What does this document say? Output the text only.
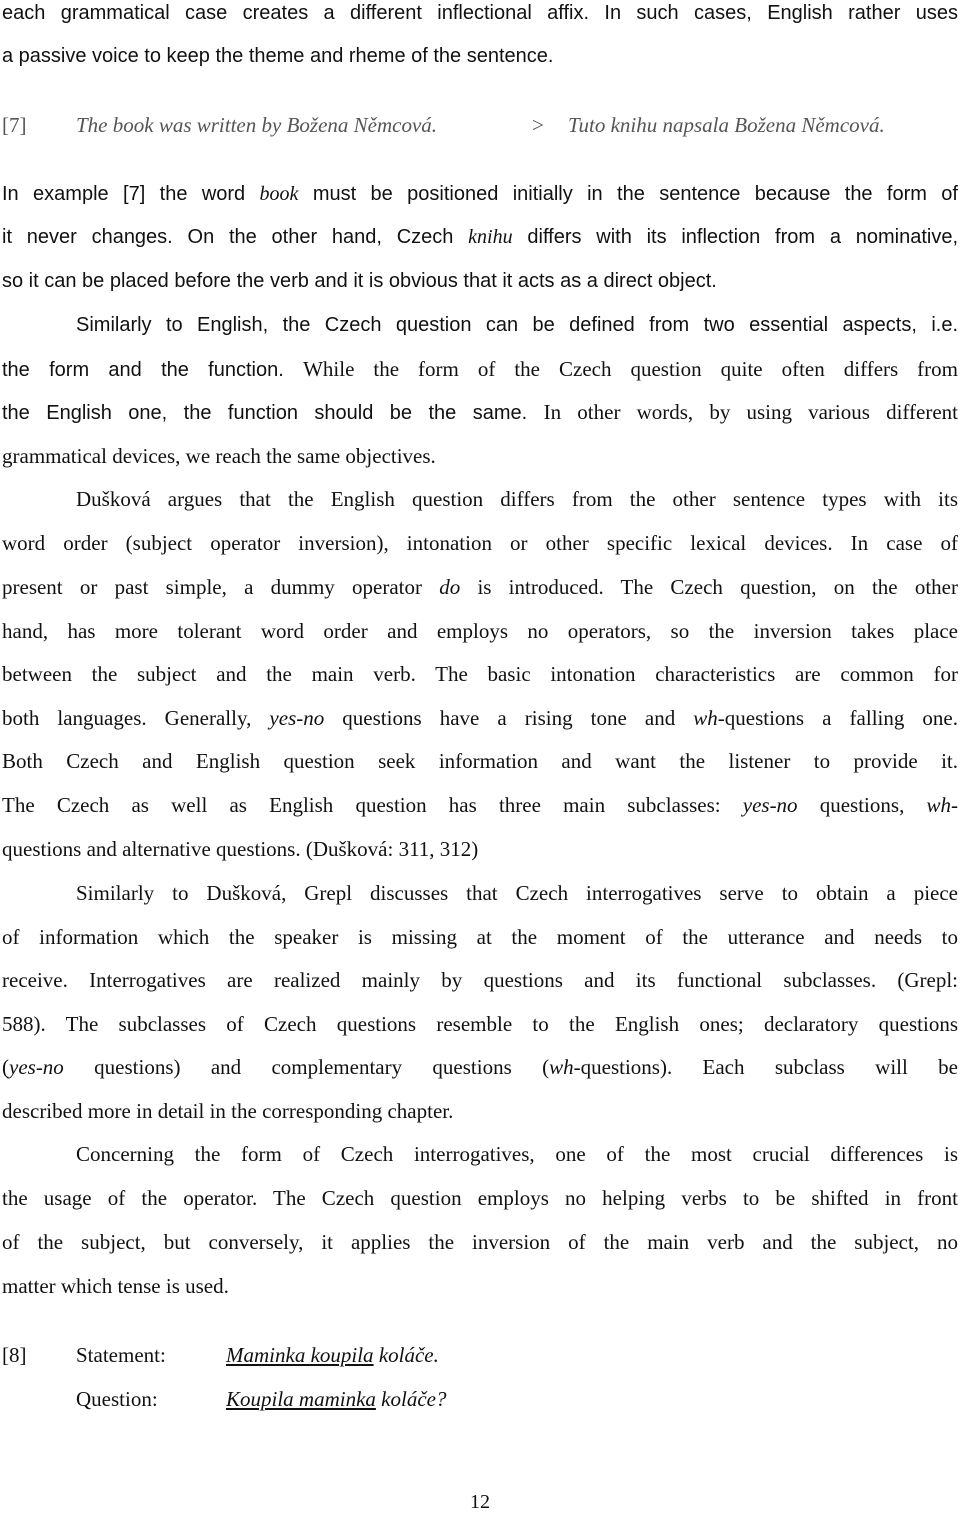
each grammatical case creates a different inflectional affix. In such cases, English rather uses
a passive voice to keep the theme and rheme of the sentence.
[7] The book was written by Božena Němcová.	> Tuto knihu napsala Božena Němcová.
In example [7] the word book must be positioned initially in the sentence because the form of
it never changes. On the other hand, Czech knihu differs with its inflection from a nominative,
so it can be placed before the verb and it is obvious that it acts as a direct object.
Similarly to English, the Czech question can be defined from two essential aspects, i.e.
the form and the function. While the form of the Czech question quite often differs from
the English one, the function should be the same. In other words, by using various different
grammatical devices, we reach the same objectives.
Dušková argues that the English question differs from the other sentence types with its
word order (subject operator inversion), intonation or other specific lexical devices. In case of
present or past simple, a dummy operator do is introduced. The Czech question, on the other
hand, has more tolerant word order and employs no operators, so the inversion takes place
between the subject and the main verb. The basic intonation characteristics are common for
both languages. Generally, yes-no questions have a rising tone and wh-questions a falling one.
Both Czech and English question seek information and want the listener to provide it.
The Czech as well as English question has three main subclasses: yes-no questions, wh-
questions and alternative questions. (Dušková: 311, 312)
Similarly to Dušková, Grepl discusses that Czech interrogatives serve to obtain a piece
of information which the speaker is missing at the moment of the utterance and needs to
receive. Interrogatives are realized mainly by questions and its functional subclasses. (Grepl:
588). The subclasses of Czech questions resemble to the English ones; declaratory questions
(yes-no questions) and complementary questions (wh-questions). Each subclass will be
described more in detail in the corresponding chapter.
Concerning the form of Czech interrogatives, one of the most crucial differences is
the usage of the operator. The Czech question employs no helping verbs to be shifted in front
of the subject, but conversely, it applies the inversion of the main verb and the subject, no
matter which tense is used.
[8] Statement:	Maminka koupila koláče.
Question:	Koupila maminka koláče?
12
